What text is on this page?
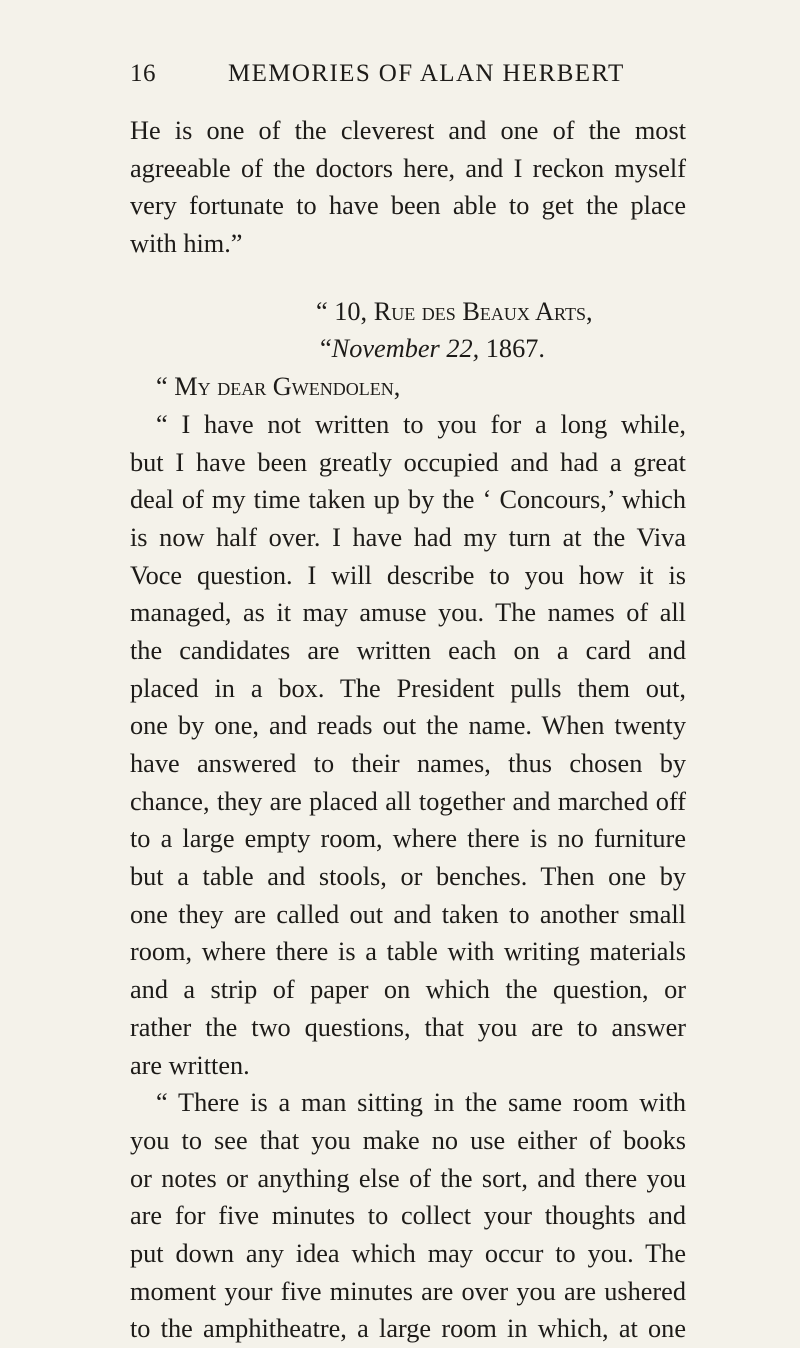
16	MEMORIES OF ALAN HERBERT
He is one of the cleverest and one of the most
agreeable of the doctors here, and I reckon myself
very fortunate to have been able to get the place
with him.”
“ 10, Rue des Beaux Arts,
“November 22, 1867.
“ My dear Gwendolen,
“ I have not written to you for a long while,
but I have been greatly occupied and had a great
deal of my time taken up by the ‘ Concours,’ which
is now half over. I have had my turn at the Viva
Voce question. I will describe to you how it is
managed, as it may amuse you. The names of all
the candidates are written each on a card and
placed in a box. The President pulls them out,
one by one, and reads out the name. When twenty
have answered to their names, thus chosen by
chance, they are placed all together and marched off
to a large empty room, where there is no furniture
but a table and stools, or benches. Then one by
one they are called out and taken to another small
room, where there is a table with writing materials
and a strip of paper on which the question, or
rather the two questions, that you are to answer
are written.
“ There is a man sitting in the same room with
you to see that you make no use either of books
or notes or anything else of the sort, and there you
are for five minutes to collect your thoughts and
put down any idea which may occur to you. The
moment your five minutes are over you are ushered
to the amphitheatre, a large room in which, at one
